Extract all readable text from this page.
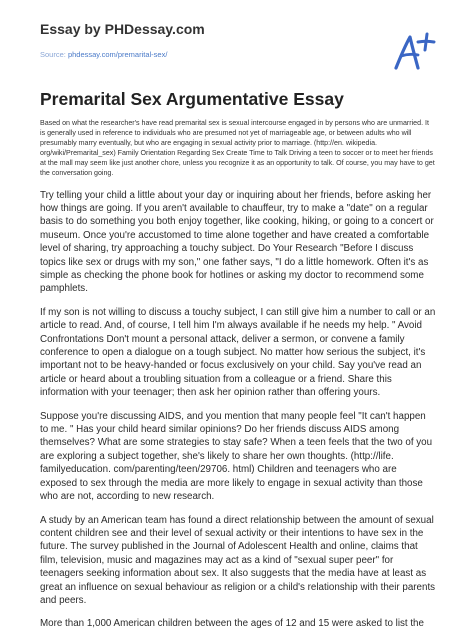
Essay by PHDessay.com

Source: phdessay.com/premarital-sex/
Premarital Sex Argumentative Essay

Based on what the researcher's have read premarital sex is sexual intercourse engaged in by persons who are unmarried. It is generally used in reference to individuals who are presumed not yet of marriageable age, or between adults who will presumably marry eventually, but who are engaging in sexual activity prior to marriage. (http://en. wikipedia. org/wiki/Premarital_sex) Family Orientation Regarding Sex Create Time to Talk Driving a teen to soccer or to meet her friends at the mall may seem like just another chore, unless you recognize it as an opportunity to talk. Of course, you may have to get the conversation going.

Try telling your child a little about your day or inquiring about her friends, before asking her how things are going. If you aren't available to chauffeur, try to make a "date" on a regular basis to do something you both enjoy together, like cooking, hiking, or going to a concert or museum. Once you're accustomed to time alone together and have created a comfortable level of sharing, try approaching a touchy subject. Do Your Research "Before I discuss topics like sex or drugs with my son," one father says, "I do a little homework. Often it's as simple as checking the phone book for hotlines or asking my doctor to recommend some pamphlets.

If my son is not willing to discuss a touchy subject, I can still give him a number to call or an article to read. And, of course, I tell him I'm always available if he needs my help. " Avoid Confrontations Don't mount a personal attack, deliver a sermon, or convene a family conference to open a dialogue on a tough subject. No matter how serious the subject, it's important not to be heavy-handed or focus exclusively on your child. Say you've read an article or heard about a troubling situation from a colleague or a friend. Share this information with your teenager; then ask her opinion rather than offering yours.

Suppose you're discussing AIDS, and you mention that many people feel "It can't happen to me. " Has your child heard similar opinions? Do her friends discuss AIDS among themselves? What are some strategies to stay safe? When a teen feels that the two of you are exploring a subject together, she's likely to share her own thoughts. (http://life. familyeducation. com/parenting/teen/29706. html) Children and teenagers who are exposed to sex through the media are more likely to engage in sexual activity than those who are not, according to new research.

A study by an American team has found a direct relationship between the amount of sexual content children see and their level of sexual activity or their intentions to have sex in the future. The survey published in the Journal of Adolescent Health and online, claims that film, television, music and magazines may act as a kind of "sexual super peer" for teenagers seeking information about sex. It also suggests that the media have at least as great an influence on sexual behaviour as religion or a child's relationship with their parents and peers.

More than 1,000 American children between the ages of 12 and 15 were asked to list the
